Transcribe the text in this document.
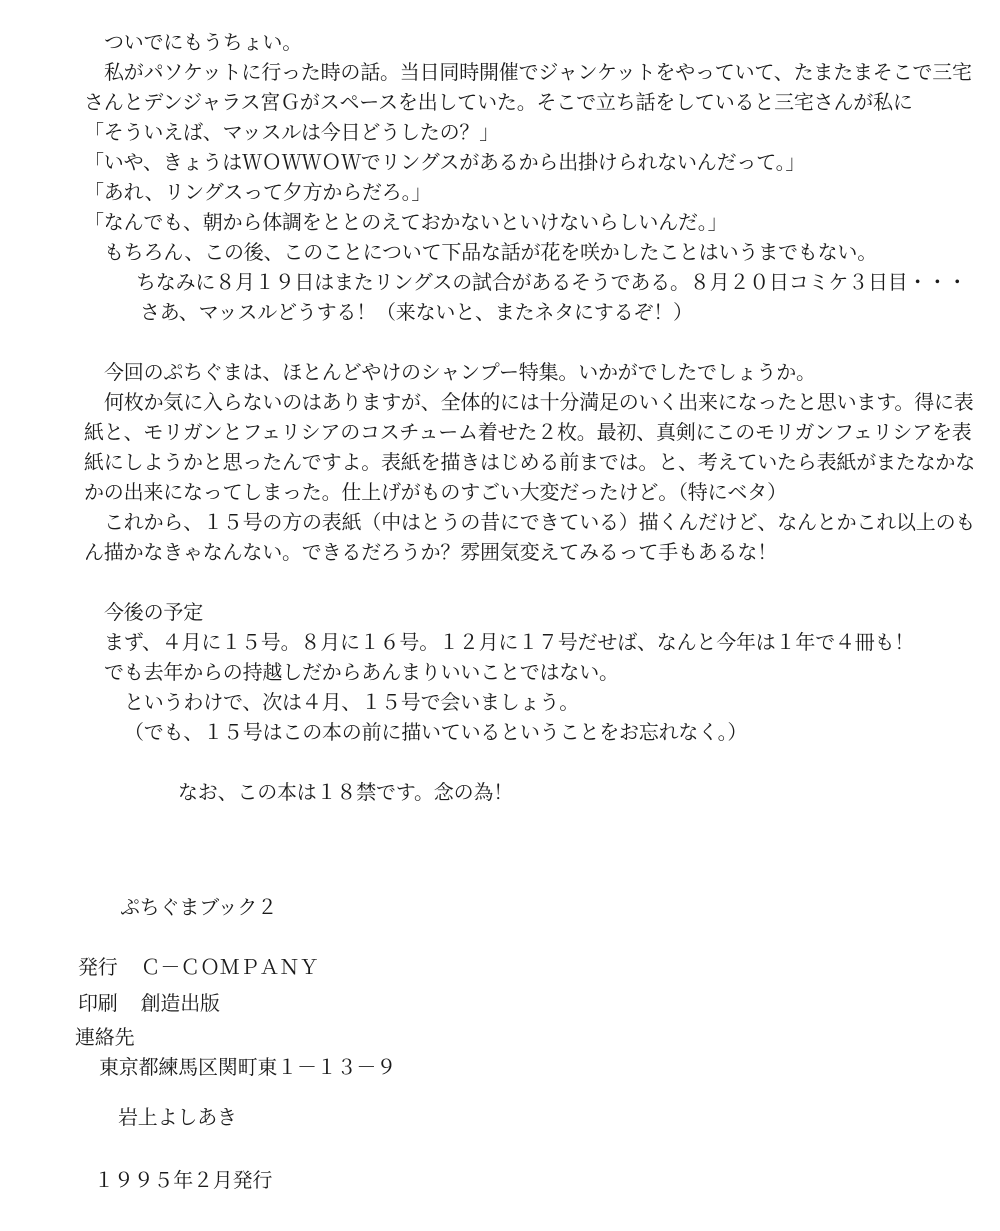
ついでにもうちょい。

私がパソケットに行った時の話。当日同時開催でジャンケットをやっていて、たまたまそこで三宅

さんとデンジャラス宮Ｇがスペースを出していた。そこで立ち話をしていると三宅さんが私に

「そういえば、マッスルは今日どうしたの？」

「いや、きょうはＷＯＷＷＯＷでリングスがあるから出掛けられないんだって。」

「あれ、リングスって夕方からだろ。」

「なんでも、朝から体調をととのえておかないといけないらしいんだ。」

もちろん、この後、このことについて下品な話が花を咲かしたことはいうまでもない。

ちなみに８月１９日はまたリングスの試合があるそうである。８月２０日コミケ３日目・・・

さあ、マッスルどうする！（来ないと、またネタにするぞ！）

今回のぷちぐまは、ほとんどやけのシャンプー特集。いかがでしたでしょうか。

何枚か気に入らないのはありますが、全体的には十分満足のいく出来になったと思います。得に表

紙と、モリガンとフェリシアのコスチューム着せた２枚。最初、真剣にこのモリガンフェリシアを表

紙にしようかと思ったんですよ。表紙を描きはじめる前までは。と、考えていたら表紙がまたなかな

かの出来になってしまった。仕上げがものすごい大変だったけど。（特にベタ）

これから、１５号の方の表紙（中はとうの昔にできている）描くんだけど、なんとかこれ以上のも

ん描かなきゃなんない。できるだろうか？雰囲気変えてみるって手もあるな！

今後の予定

まず、４月に１５号。８月に１６号。１２月に１７号だせば、なんと今年は１年で４冊も！

でも去年からの持越しだからあんまりいいことではない。

というわけで、次は４月、１５号で会いましょう。

（でも、１５号はこの本の前に描いているということをお忘れなく。）

なお、この本は１８禁です。念の為！

ぷちぐまブック２

発行 Ｃ－ＣＯＭＰＡＮＹ

印刷 創造出版

連絡先

東京都練馬区関町東１－１３－９

岩上よしあき

１９９５年２月発行
